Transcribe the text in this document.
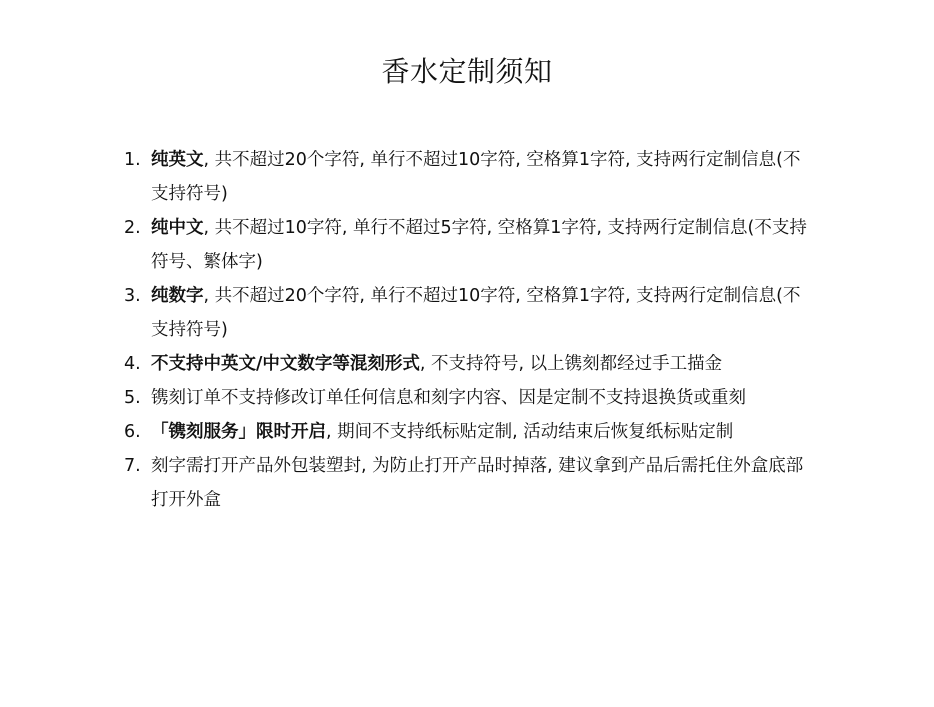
香水定制须知
1. 纯英文, 共不超过20个字符, 单行不超过10字符, 空格算1字符, 支持两行定制信息(不支持符号)
2. 纯中文, 共不超过10字符, 单行不超过5字符, 空格算1字符, 支持两行定制信息(不支持符号、繁体字)
3. 纯数字, 共不超过20个字符, 单行不超过10字符, 空格算1字符, 支持两行定制信息(不支持符号)
4. 不支持中英文/中文数字等混刻形式, 不支持符号, 以上镌刻都经过手工描金
5. 镌刻订单不支持修改订单任何信息和刻字内容、因是定制不支持退换货或重刻
6. 「镌刻服务」限时开启, 期间不支持纸标贴定制, 活动结束后恢复纸标贴定制
7. 刻字需打开产品外包装塑封, 为防止打开产品时掉落, 建议拿到产品后需托住外盒底部打开外盒
